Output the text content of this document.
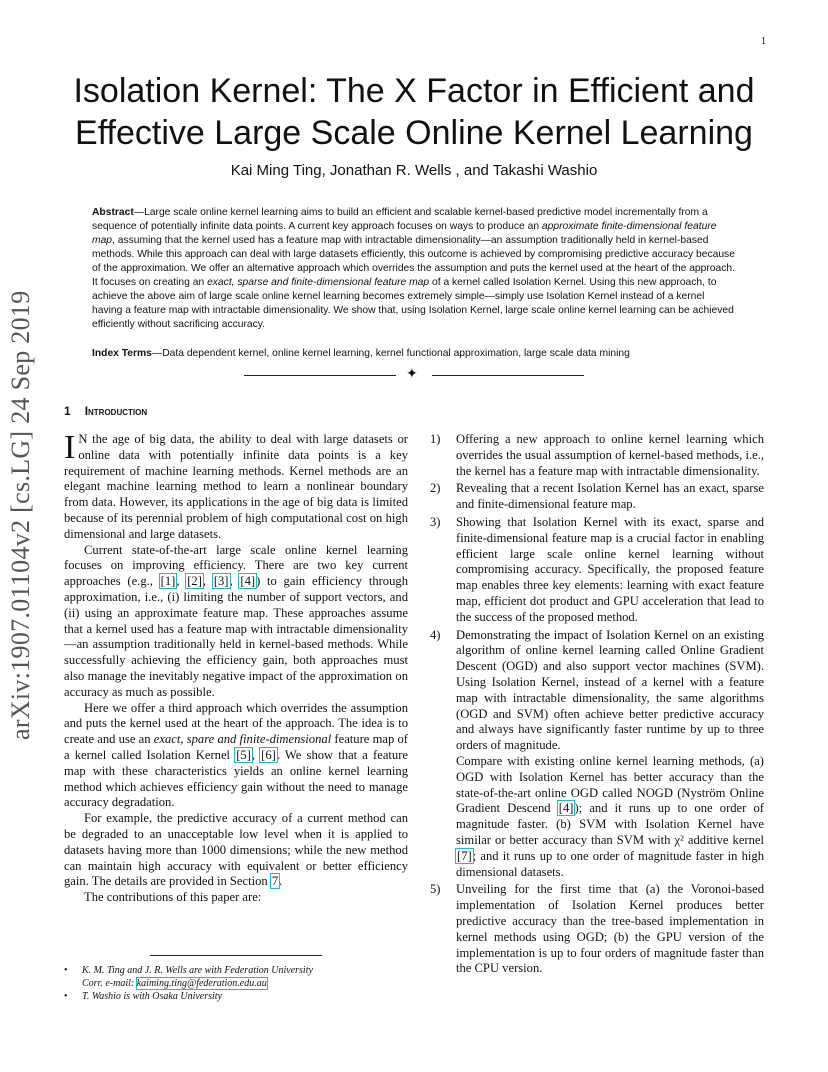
1
arXiv:1907.01104v2 [cs.LG] 24 Sep 2019
Isolation Kernel: The X Factor in Efficient and Effective Large Scale Online Kernel Learning
Kai Ming Ting, Jonathan R. Wells , and Takashi Washio
Abstract—Large scale online kernel learning aims to build an efficient and scalable kernel-based predictive model incrementally from a sequence of potentially infinite data points. A current key approach focuses on ways to produce an approximate finite-dimensional feature map, assuming that the kernel used has a feature map with intractable dimensionality—an assumption traditionally held in kernel-based methods. While this approach can deal with large datasets efficiently, this outcome is achieved by compromising predictive accuracy because of the approximation. We offer an alternative approach which overrides the assumption and puts the kernel used at the heart of the approach. It focuses on creating an exact, sparse and finite-dimensional feature map of a kernel called Isolation Kernel. Using this new approach, to achieve the above aim of large scale online kernel learning becomes extremely simple—simply use Isolation Kernel instead of a kernel having a feature map with intractable dimensionality. We show that, using Isolation Kernel, large scale online kernel learning can be achieved efficiently without sacrificing accuracy.
Index Terms—Data dependent kernel, online kernel learning, kernel functional approximation, large scale data mining
✦
1 Introduction

I N the age of big data, the ability to deal with large datasets or online data with potentially infinite data points is a key requirement of machine learning methods. Kernel methods are an elegant machine learning method to learn a nonlinear boundary from data. However, its applications in the age of big data is limited because of its perennial problem of high computational cost on high dimensional and large datasets.

Current state-of-the-art large scale online kernel learning focuses on improving efficiency. There are two key current approaches (e.g., [1], [2], [3], [4]) to gain efficiency through approximation, i.e., (i) limiting the number of support vectors, and (ii) using an approximate feature map. These approaches assume that a kernel used has a feature map with intractable dimensionality—an assumption traditionally held in kernel-based methods. While successfully achieving the efficiency gain, both approaches must also manage the inevitably negative impact of the approximation on accuracy as much as possible.

Here we offer a third approach which overrides the assumption and puts the kernel used at the heart of the approach. The idea is to create and use an exact, spare and finite-dimensional feature map of a kernel called Isolation Kernel [5], [6]. We show that a feature map with these characteristics yields an online kernel learning method which achieves efficiency gain without the need to manage accuracy degradation.

For example, the predictive accuracy of a current method can be degraded to an unacceptable low level when it is applied to datasets having more than 1000 dimensions; while the new method can maintain high accuracy with equivalent or better efficiency gain. The details are provided in Section 7.

The contributions of this paper are:

1) Offering a new approach to online kernel learning which overrides the usual assumption of kernel-based methods, i.e., the kernel has a feature map with intractable dimensionality.
2) Revealing that a recent Isolation Kernel has an exact, sparse and finite-dimensional feature map.
3) Showing that Isolation Kernel with its exact, sparse and finite-dimensional feature map is a crucial factor in enabling efficient large scale online kernel learning without compromising accuracy. Specifically, the proposed feature map enables three key elements: learning with exact feature map, efficient dot product and GPU acceleration that lead to the success of the proposed method.
4) Demonstrating the impact of Isolation Kernel on an existing algorithm of online kernel learning called Online Gradient Descent (OGD) and also support vector machines (SVM). Using Isolation Kernel, instead of a kernel with a feature map with intractable dimensionality, the same algorithms (OGD and SVM) often achieve better predictive accuracy and always have significantly faster runtime by up to three orders of magnitude.
Compare with existing online kernel learning methods, (a) OGD with Isolation Kernel has better accuracy than the state-of-the-art online OGD called NOGD (Nyström Online Gradient Descend [4]); and it runs up to one order of magnitude faster. (b) SVM with Isolation Kernel have similar or better accuracy than SVM with χ² additive kernel [7]; and it runs up to one order of magnitude faster in high dimensional datasets.
5) Unveiling for the first time that (a) the Voronoi-based implementation of Isolation Kernel produces better predictive accuracy than the tree-based implementation in kernel methods using OGD; (b) the GPU version of the implementation is up to four orders of magnitude faster than the CPU version.
• K. M. Ting and J. R. Wells are with Federation University
Corr. e-mail: kaiming.ting@federation.edu.au
• T. Washio is with Osaka University
